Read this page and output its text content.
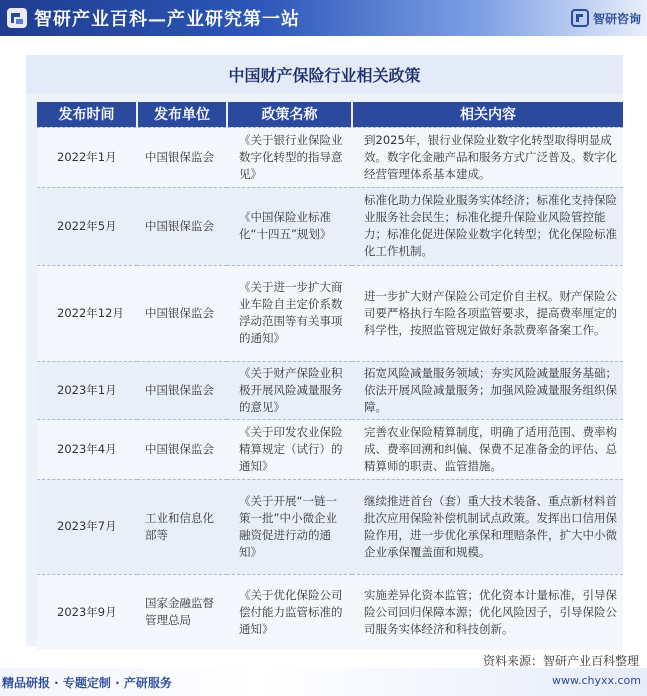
智研产业百科—产业研究第一站	智研咨询
中国财产保险行业相关政策
发布时间	发布单位	政策名称	相关内容
2022年1月	中国银保监会	《关于银行业保险业数字化转型的指导意见》	到2025年，银行业保险业数字化转型取得明显成效。数字化金融产品和服务方式广泛普及。数字化经营管理体系基本建成。
2022年5月	中国银保监会	《中国保险业标准化“十四五”规划》	标准化助力保险业服务实体经济；标准化支持保险业服务社会民生；标准化提升保险业风险管控能力；标准化促进保险业数字化转型；优化保险标准化工作机制。
2022年12月	中国银保监会	《关于进一步扩大商业车险自主定价系数浮动范围等有关事项的通知》	进一步扩大财产保险公司定价自主权。财产保险公司要严格执行车险各项监管要求，提高费率厘定的科学性，按照监管规定做好条款费率备案工作。
2023年1月	中国银保监会	《关于财产保险业积极开展风险减量服务的意见》	拓宽风险减量服务领域；夯实风险减量服务基础；依法开展风险减量服务；加强风险减量服务组织保障。
2023年4月	中国银保监会	《关于印发农业保险精算规定（试行）的通知》	完善农业保险精算制度，明确了适用范围、费率构成、费率回溯和纠偏、保费不足准备金的评估、总精算师的职责、监管措施。
2023年7月	工业和信息化部等	《关于开展“一链一策一批”中小微企业融资促进行动的通知》	继续推进首台（套）重大技术装备、重点新材料首批次应用保险补偿机制试点政策。发挥出口信用保险作用，进一步优化承保和理赔条件，扩大中小微企业承保覆盖面和规模。
2023年9月	国家金融监督管理总局	《关于优化保险公司偿付能力监管标准的通知》	实施差异化资本监管；优化资本计量标准，引导保险公司回归保障本源；优化风险因子，引导保险公司服务实体经济和科技创新。
资料来源：智研产业百科整理
精品研报 · 专题定制 · 产研服务	www.chyxx.com
